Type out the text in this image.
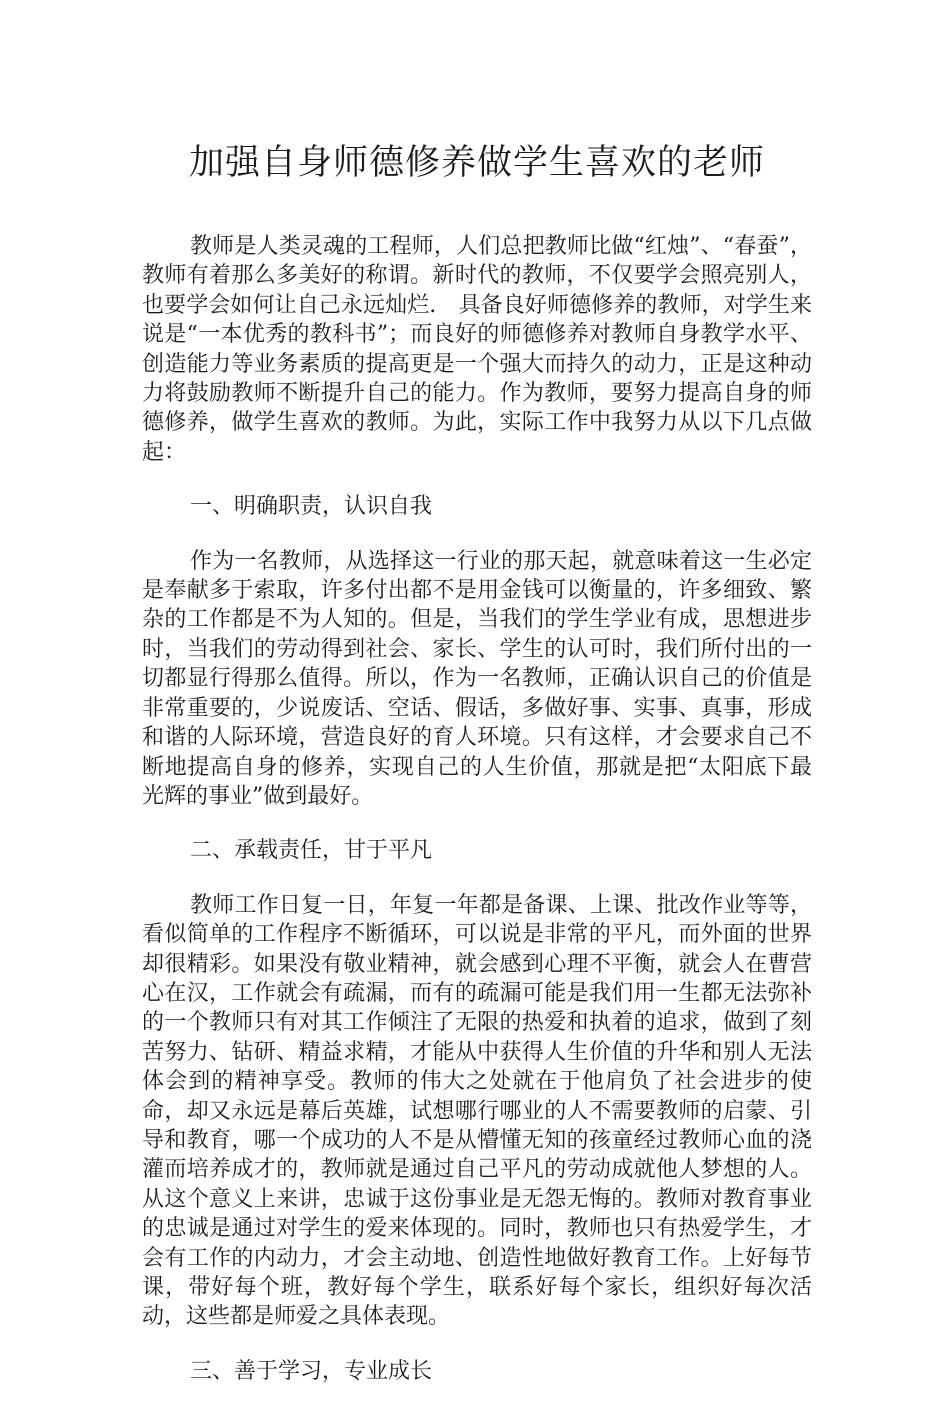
加强自身师德修养做学生喜欢的老师

教师是人类灵魂的工程师，人们总把教师比做“红烛”、“春蚕”，教师有着那么多美好的称谓。新时代的教师，不仅要学会照亮别人，也要学会如何让自己永远灿烂.　具备良好师德修养的教师，对学生来说是“一本优秀的教科书”；而良好的师德修养对教师自身教学水平、创造能力等业务素质的提高更是一个强大而持久的动力，正是这种动力将鼓励教师不断提升自己的能力。作为教师，要努力提高自身的师德修养，做学生喜欢的教师。为此，实际工作中我努力从以下几点做起：

一、明确职责，认识自我

作为一名教师，从选择这一行业的那天起，就意味着这一生必定是奉献多于索取，许多付出都不是用金钱可以衡量的，许多细致、繁杂的工作都是不为人知的。但是，当我们的学生学业有成，思想进步时，当我们的劳动得到社会、家长、学生的认可时，我们所付出的一切都显行得那么值得。所以，作为一名教师，正确认识自己的价值是非常重要的，少说废话、空话、假话，多做好事、实事、真事，形成和谐的人际环境，营造良好的育人环境。只有这样，才会要求自己不断地提高自身的修养，实现自己的人生价值，那就是把“太阳底下最光辉的事业”做到最好。

二、承载责任，甘于平凡

教师工作日复一日，年复一年都是备课、上课、批改作业等等，看似简单的工作程序不断循环，可以说是非常的平凡，而外面的世界却很精彩。如果没有敬业精神，就会感到心理不平衡，就会人在曹营心在汉，工作就会有疏漏，而有的疏漏可能是我们用一生都无法弥补的一个教师只有对其工作倾注了无限的热爱和执着的追求，做到了刻苦努力、钻研、精益求精，才能从中获得人生价值的升华和别人无法体会到的精神享受。教师的伟大之处就在于他肩负了社会进步的使命，却又永远是幕后英雄，试想哪行哪业的人不需要教师的启蒙、引导和教育，哪一个成功的人不是从懵懂无知的孩童经过教师心血的浇灌而培养成才的，教师就是通过自己平凡的劳动成就他人梦想的人。从这个意义上来讲，忠诚于这份事业是无怨无悔的。教师对教育事业的忠诚是通过对学生的爱来体现的。同时，教师也只有热爱学生，才会有工作的内动力，才会主动地、创造性地做好教育工作。上好每节课，带好每个班，教好每个学生，联系好每个家长，组织好每次活动，这些都是师爱之具体表现。

三、善于学习，专业成长
